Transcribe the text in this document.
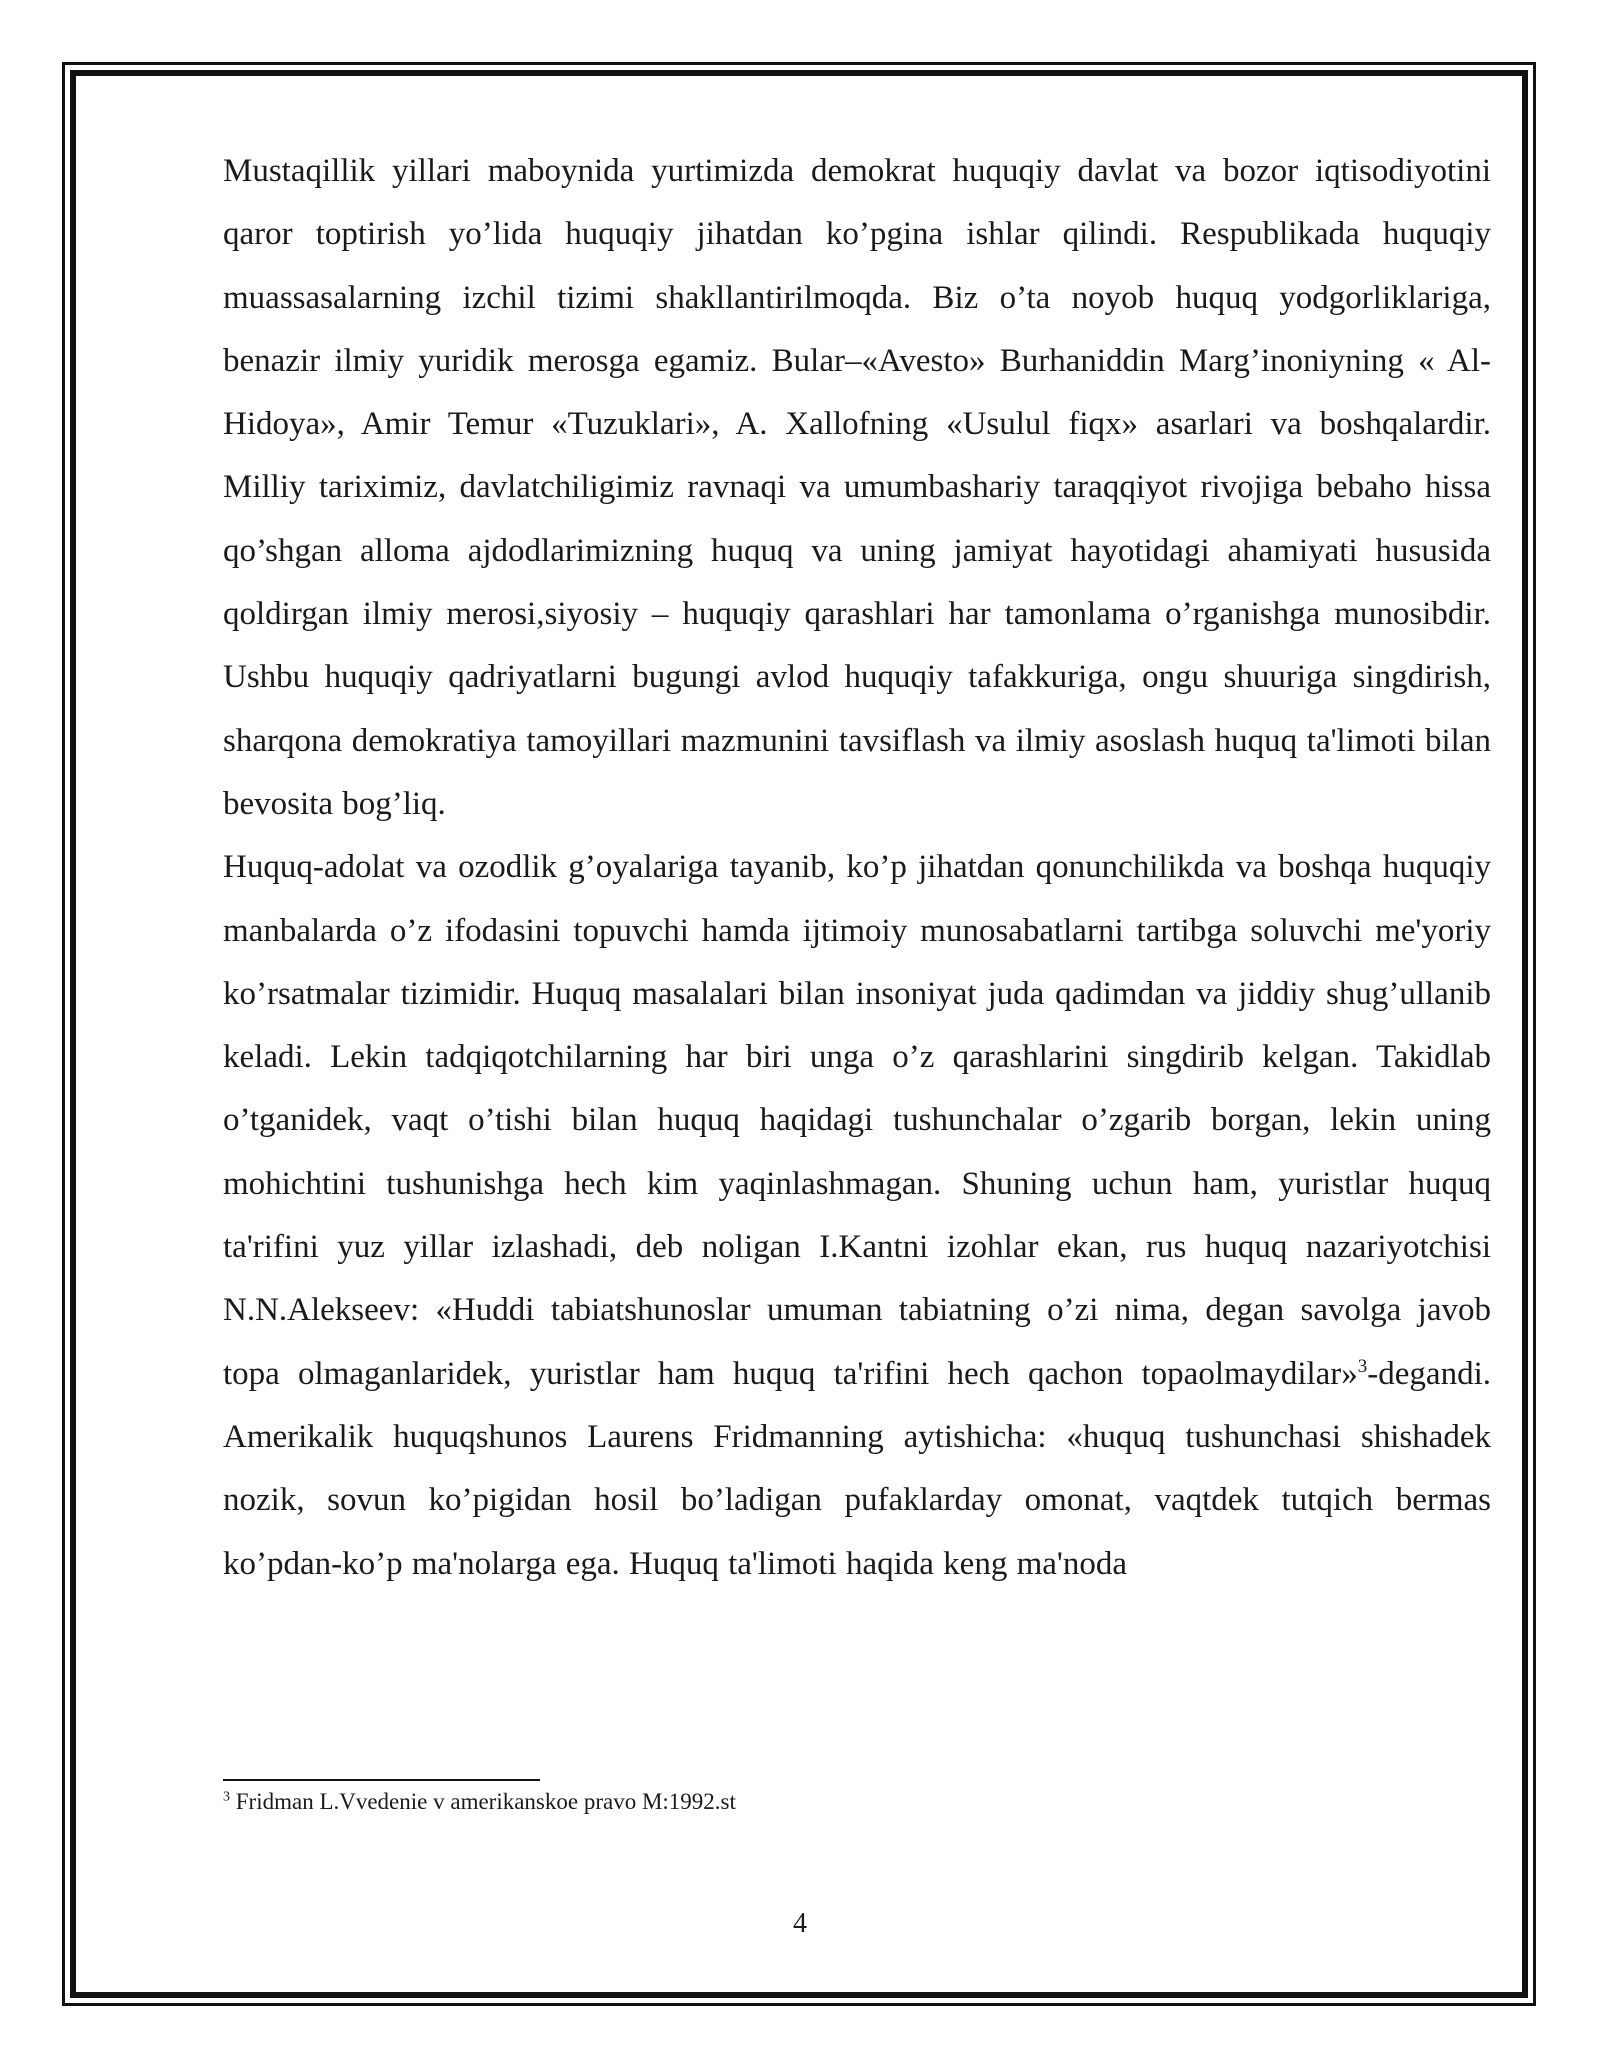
Mustaqillik yillari maboynida yurtimizda demokrat huquqiy davlat va bozor iqtisodiyotini qaror toptirish yo’lida huquqiy jihatdan ko’pgina ishlar qilindi. Respublikada huquqiy muassasalarning izchil tizimi shakllantirilmoqda. Biz o’ta noyob huquq yodgorliklariga, benazir ilmiy yuridik merosga egamiz. Bular–«Avesto» Burhaniddin Marg’inoniyning « Al- Hidoya», Amir Temur «Tuzuklari», A. Xallofning «Usulul fiqx» asarlari va boshqalardir. Milliy tariximiz, davlatchiligimiz ravnaqi va umumbashariy taraqqiyot rivojiga bebaho hissa qo’shgan alloma ajdodlarimizning huquq va uning jamiyat hayotidagi ahamiyati hususida qoldirgan ilmiy merosi,siyosiy – huquqiy qarashlari har tamonlama o’rganishga munosibdir. Ushbu huquqiy qadriyatlarni bugungi avlod huquqiy tafakkuriga, ongu shuuriga singdirish, sharqona demokratiya tamoyillari mazmunini tavsiflash va ilmiy asoslash huquq ta'limoti bilan bevosita bog’liq.

Huquq-adolat va ozodlik g’oyalariga tayanib, ko’p jihatdan qonunchilikda va boshqa huquqiy manbalarda o’z ifodasini topuvchi hamda ijtimoiy munosabatlarni tartibga soluvchi me'yoriy ko’rsatmalar tizimidir. Huquq masalalari bilan insoniyat juda qadimdan va jiddiy shug’ullanib keladi. Lekin tadqiqotchilarning har biri unga o’z qarashlarini singdirib kelgan. Takidlab o’tganidek, vaqt o’tishi bilan huquq haqidagi tushunchalar o’zgarib borgan, lekin uning mohichtini tushunishga hech kim yaqinlashmagan. Shuning uchun ham, yuristlar huquq ta'rifini yuz yillar izlashadi, deb noligan I.Kantni izohlar ekan, rus huquq nazariyotchisi N.N.Alekseev: «Huddi tabiatshunoslar umuman tabiatning o’zi nima, degan savolga javob topa olmaganlaridek, yuristlar ham huquq ta'rifini hech qachon topaolmaydilar»$^3$-degandi. Amerikalik huquqshunos Laurens Fridmanning aytishicha: «huquq tushunchasi shishadek nozik, sovun ko’pigidan hosil bo’ladigan pufaklarday omonat, vaqtdek tutqich bermas ko’pdan-ko’p ma'nolarga ega. Huquq ta'limoti haqida keng ma'noda

$^3$ Fridman L.Vvedenie v amerikanskoe pravo M:1992.st

4
